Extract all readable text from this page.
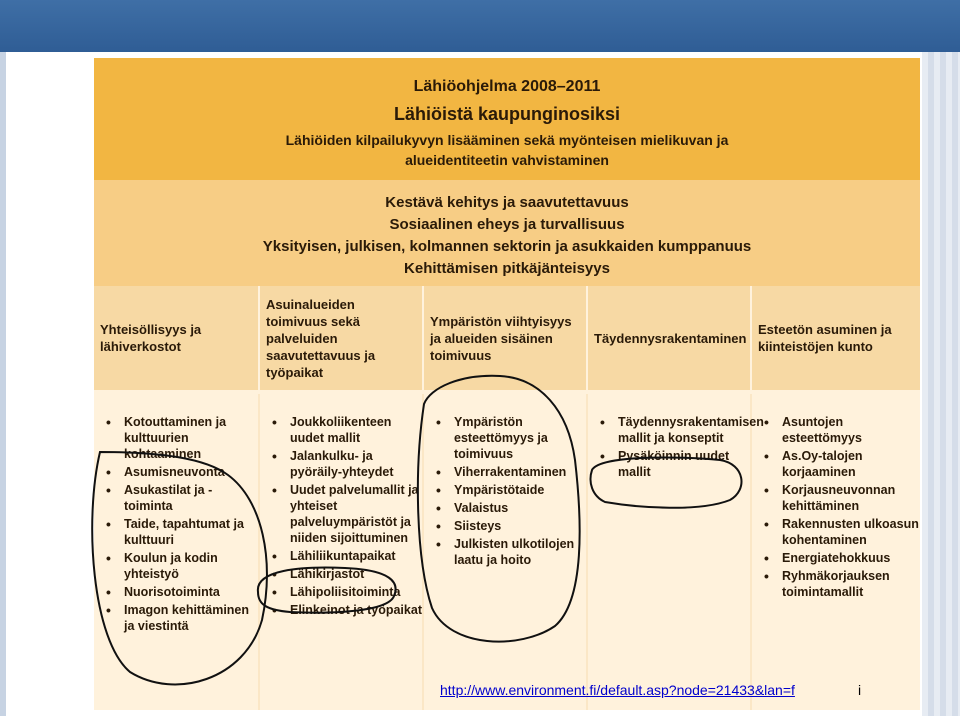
Lähiöohjelma 2008–2011
Lähiöistä kaupunginosiksi
Lähiöiden kilpailukyvyn lisääminen sekä myönteisen mielikuvan ja alueidentiteetin vahvistaminen
Kestävä kehitys ja saavutettavuus
Sosiaalinen eheys ja turvallisuus
Yksityisen, julkisen, kolmannen sektorin ja asukkaiden kumppanuus
Kehittämisen pitkäjänteisyys
Yhteisöllisyys ja lähiverkostot
Asuinalueiden toimivuus sekä palveluiden saavutettavuus ja työpaikat
Ympäristön viihtyisyys ja alueiden sisäinen toimivuus
Täydennysrakentaminen
Esteetön asuminen ja kiinteistöjen kunto
• Kotouttaminen ja kulttuurien kohtaaminen
• Asumisneuvonta
• Asukastilat ja -toiminta
• Taide, tapahtumat ja kulttuuri
• Koulun ja kodin yhteistyö
• Nuorisotoiminta
• Imagon kehittäminen ja viestintä
• Joukkoliikenteen uudet mallit
• Jalankulku- ja pyöräily-yhteydet
• Uudet palvelumallit ja yhteiset palveluympäristöt ja niiden sijoittuminen
• Lähiliikuntapaikat
• Lähikirjastot
• Lähipoliisitoiminta
• Elinkeinot ja työpaikat
• Ympäristön esteettömyys ja toimivuus
• Viherrakentaminen
• Ympäristötaide
• Valaistus
• Siisteys
• Julkisten ulkotilojen laatu ja hoito
• Täydennysrakentamisen mallit ja konseptit
• Pysäköinnin uudet mallit
• Asuntojen esteettömyys
• As.Oy-talojen korjaaminen
• Korjausneuvonnan kehittäminen
• Rakennusten ulkoasun kohentaminen
• Energiatehokkuus
• Ryhmäkorjauksen toimintamallit
http://www.environment.fi/default.asp?node=21433&lan=f	i
